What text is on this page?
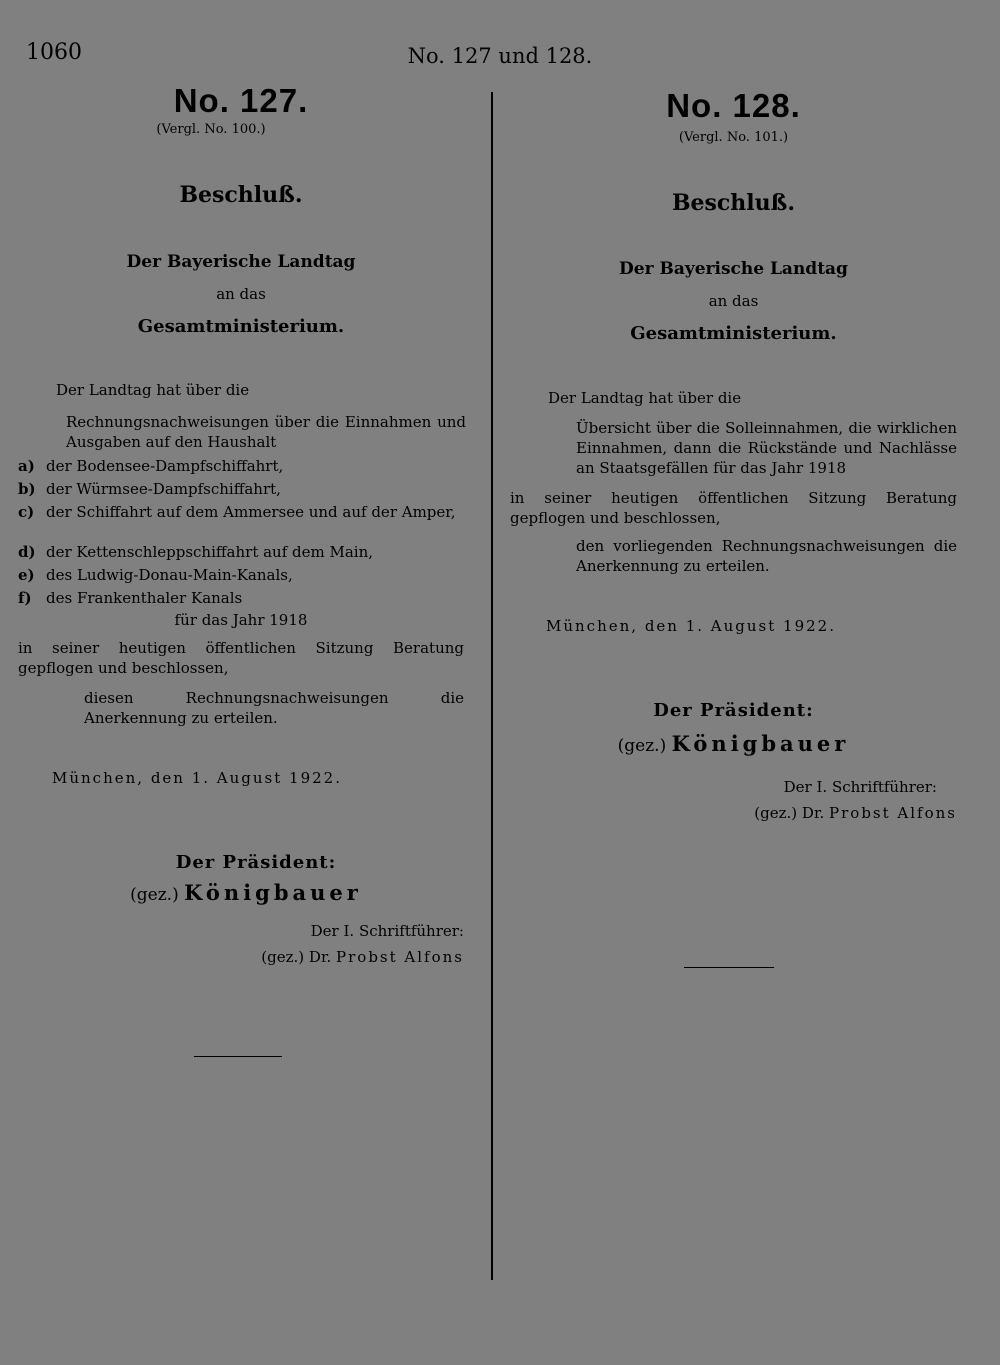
1060	No. 127 und 128.
No. 127.
(Vergl. No. 100.)
Beschluß.
Der Bayerische Landtag
an das
Gesamtministerium.
Der Landtag hat über die
Rechnungsnachweisungen über die Einnahmen und Ausgaben auf den Haushalt
a) der Bodensee-Dampfschiffahrt,
b) der Würmsee-Dampfschiffahrt,
c) der Schiffahrt auf dem Ammersee und auf der Amper,
d) der Kettenschleppschiffahrt auf dem Main,
e) des Ludwig-Donau-Main-Kanals,
f) des Frankenthaler Kanals
für das Jahr 1918
in seiner heutigen öffentlichen Sitzung Beratung gepflogen und beschlossen,
diesen Rechnungsnachweisungen die Anerkennung zu erteilen.
München, den 1. August 1922.
Der Präsident:
(gez.) Königbauer
Der I. Schriftführer:
(gez.) Dr. Probst Alfons
No. 128.
(Vergl. No. 101.)
Beschluß.
Der Bayerische Landtag
an das
Gesamtministerium.
Der Landtag hat über die
Übersicht über die Solleinnahmen, die wirklichen Einnahmen, dann die Rückstände und Nachlässe an Staatsgefällen für das Jahr 1918
in seiner heutigen öffentlichen Sitzung Beratung gepflogen und beschlossen,
den vorliegenden Rechnungsnachweisungen die Anerkennung zu erteilen.
München, den 1. August 1922.
Der Präsident:
(gez.) Königbauer
Der I. Schriftführer:
(gez.) Dr. Probst Alfons
